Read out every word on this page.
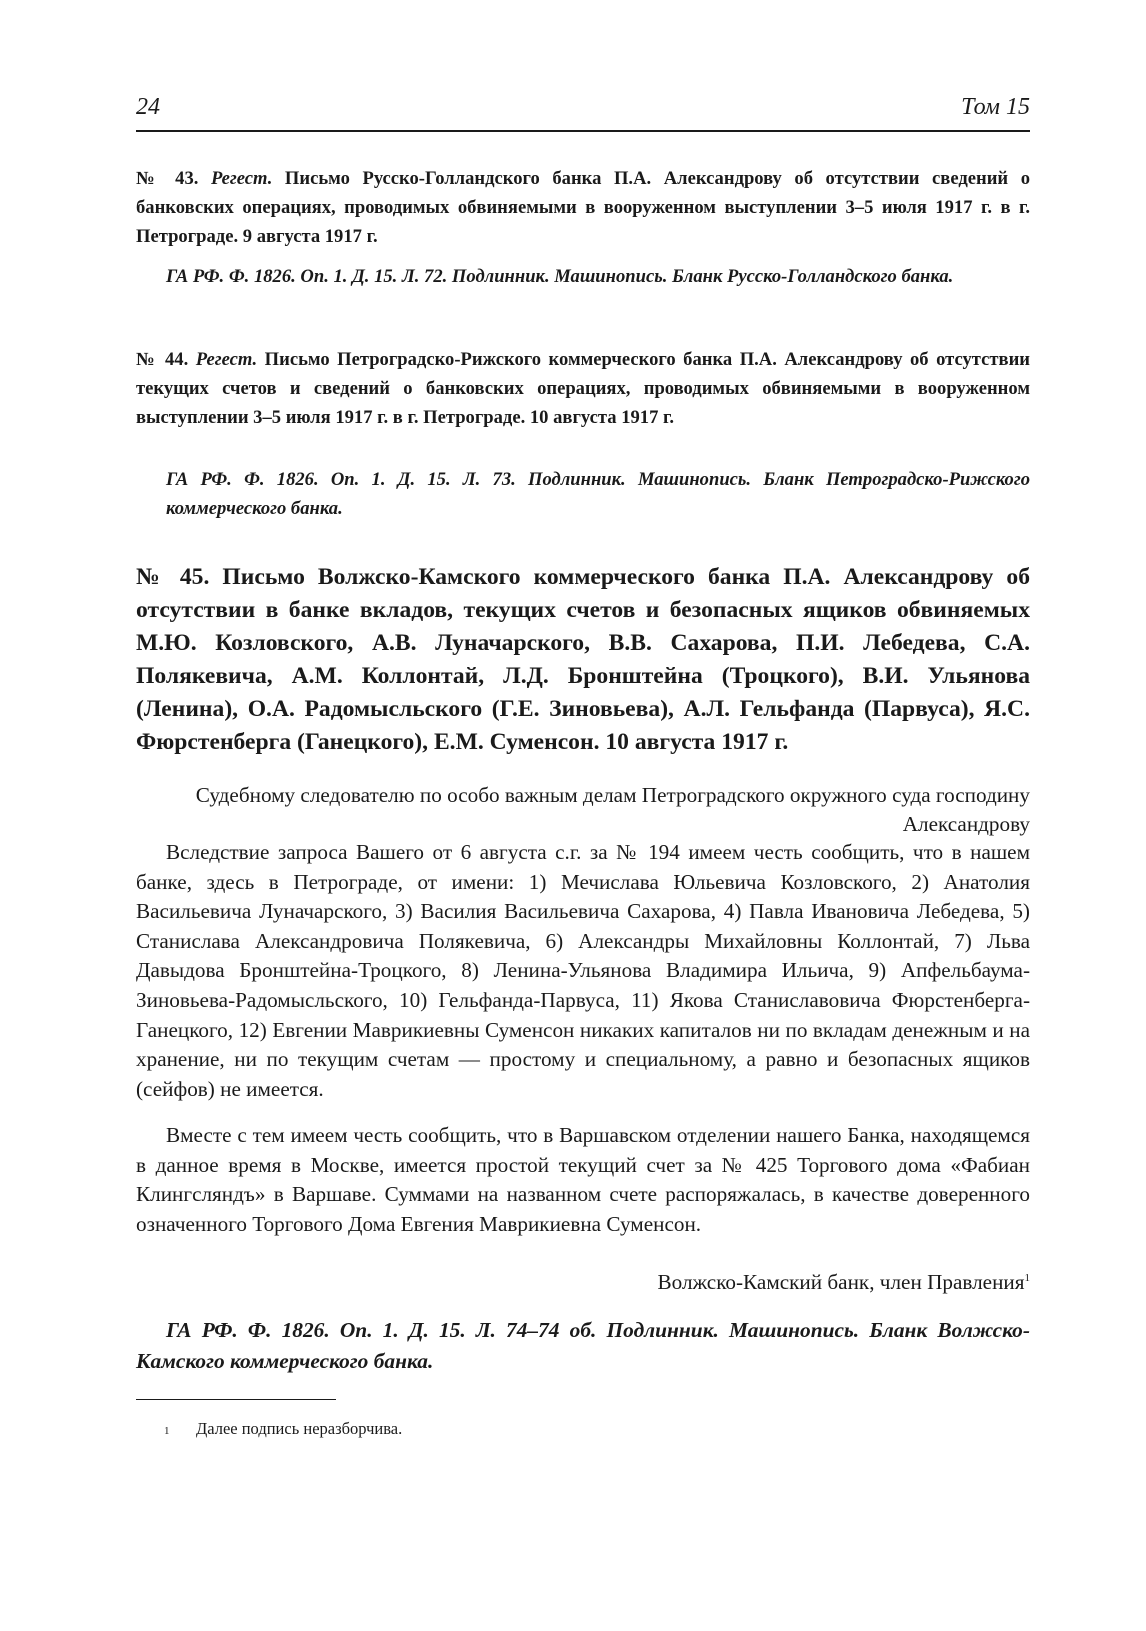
24	Том 15
№ 43. Регест. Письмо Русско-Голландского банка П.А. Александрову об отсутствии сведений о банковских операциях, проводимых обвиняемыми в вооруженном выступлении 3–5 июля 1917 г. в г. Петрограде. 9 августа 1917 г.
ГА РФ. Ф. 1826. Оп. 1. Д. 15. Л. 72. Подлинник. Машинопись. Бланк Русско-Голландского банка.
№ 44. Регест. Письмо Петроградско-Рижского коммерческого банка П.А. Александрову об отсутствии текущих счетов и сведений о банковских операциях, проводимых обвиняемыми в вооруженном выступлении 3–5 июля 1917 г. в г. Петрограде. 10 августа 1917 г.
ГА РФ. Ф. 1826. Оп. 1. Д. 15. Л. 73. Подлинник. Машинопись. Бланк Петроградско-Рижского коммерческого банка.
№ 45. Письмо Волжско-Камского коммерческого банка П.А. Александрову об отсутствии в банке вкладов, текущих счетов и безопасных ящиков обвиняемых М.Ю. Козловского, А.В. Луначарского, В.В. Сахарова, П.И. Лебедева, С.А. Полякевича, А.М. Коллонтай, Л.Д. Бронштейна (Троцкого), В.И. Ульянова (Ленина), О.А. Радомысльского (Г.Е. Зиновьева), А.Л. Гельфанда (Парвуса), Я.С. Фюрстенберга (Ганецкого), Е.М. Суменсон. 10 августа 1917 г.
Судебному следователю по особо важным делам Петроградского окружного суда господину Александрову
Вследствие запроса Вашего от 6 августа с.г. за № 194 имеем честь сообщить, что в нашем банке, здесь в Петрограде, от имени: 1) Мечислава Юльевича Козловского, 2) Анатолия Васильевича Луначарского, 3) Василия Васильевича Сахарова, 4) Павла Ивановича Лебедева, 5) Станислава Александровича Полякевича, 6) Александры Михайловны Коллонтай, 7) Льва Давыдова Бронштейна-Троцкого, 8) Ленина-Ульянова Владимира Ильича, 9) Апфельбаума-Зиновьева-Радомысльского, 10) Гельфанда-Парвуса, 11) Якова Станиславовича Фюрстенберга-Ганецкого, 12) Евгении Маврикиевны Суменсон никаких капиталов ни по вкладам денежным и на хранение, ни по текущим счетам — простому и специальному, а равно и безопасных ящиков (сейфов) не имеется.
Вместе с тем имеем честь сообщить, что в Варшавском отделении нашего Банка, находящемся в данное время в Москве, имеется простой текущий счет за № 425 Торгового дома «Фабиан Клингсляндъ» в Варшаве. Суммами на названном счете распоряжалась, в качестве доверенного означенного Торгового Дома Евгения Маврикиевна Суменсон.
Волжско-Камский банк, член Правления$^1$
ГА РФ. Ф. 1826. Оп. 1. Д. 15. Л. 74–74 об. Подлинник. Машинопись. Бланк Волжско-Камского коммерческого банка.
1 Далее подпись неразборчива.
